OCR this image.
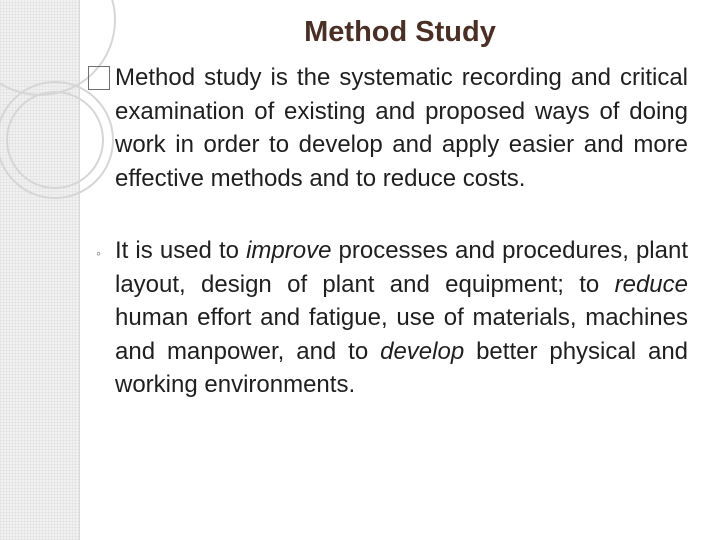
Method Study

Method study is the systematic recording and critical examination of existing and proposed ways of doing work in order to develop and apply easier and more effective methods and to reduce costs.

◦ It is used to improve processes and procedures, plant layout, design of plant and equipment; to reduce human effort and fatigue, use of materials, machines and manpower, and to develop better physical and working environments.
